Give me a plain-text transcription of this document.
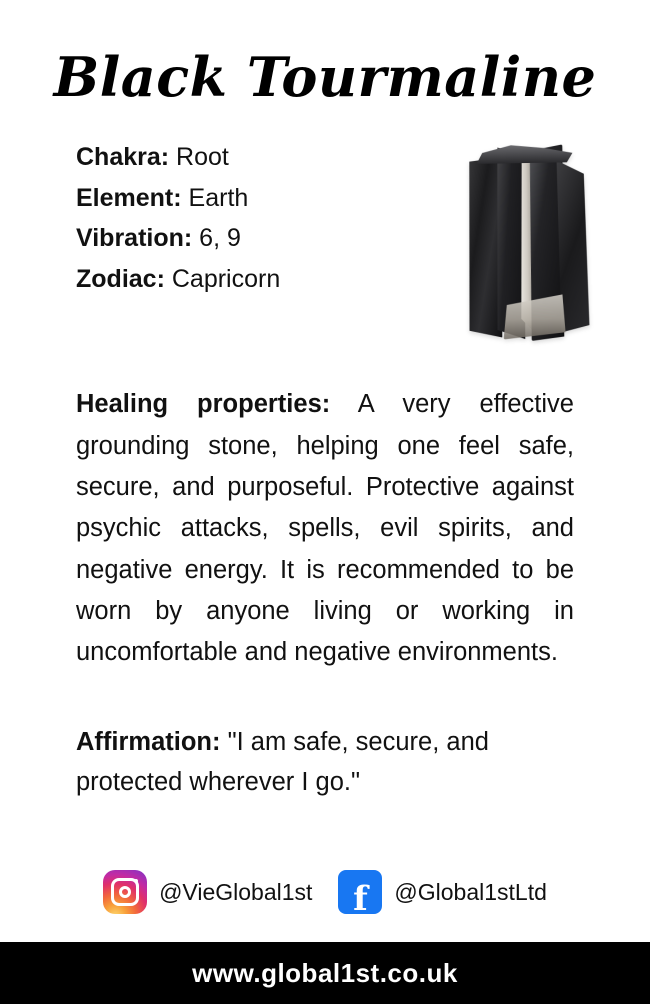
Black Tourmaline
Chakra: Root
Element: Earth
Vibration: 6, 9
Zodiac: Capricorn
Healing properties: A very effective grounding stone, helping one feel safe, secure, and purposeful. Protective against psychic attacks, spells, evil spirits, and negative energy. It is recommended to be worn by anyone living or working in uncomfortable and negative environments.
Affirmation: "I am safe, secure, and protected wherever I go."
@VieGlobal1st f @Global1stLtd
www.global1st.co.uk
